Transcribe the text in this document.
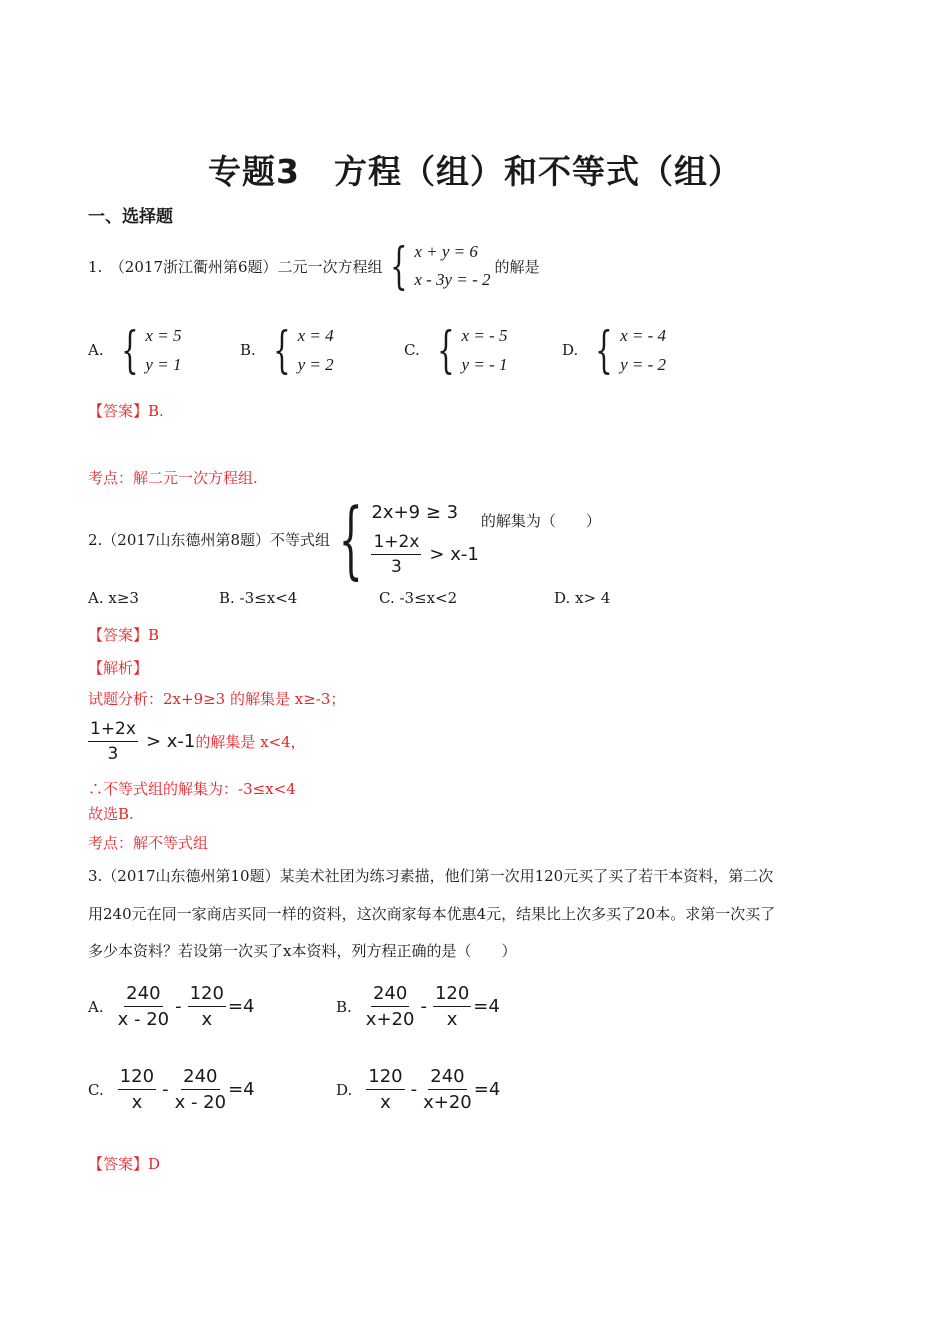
专题3　方程（组）和不等式（组）
一、选择题
1.　（2017浙江衢州第6题）二元一次方程组 { x + y = 6
x - 3y = - 2
的解是
A. { x = 5
y = 1
B. { x = 4
y = 2
C. { x = - 5
y = - 1
D. { x = - 4
y = - 2
【答案】B.
考点：解二元一次方程组.
2.（2017山东德州第8题）不等式组 { 2x+9 ≥ 3
$\frac{1+2x}{3} > x-1$
的解集为（　　）
A. x≥3	B. -3≤x<4	C. -3≤x<2	D. x> 4
【答案】B
【解析】
试题分析：2x+9≥3 的解集是 x≥-3；
$\frac{1+2x}{3} > x-1$ 的解集是 x<4，
∴不等式组的解集为：-3≤x<4
故选B.
考点：解不等式组
3.（2017山东德州第10题）某美术社团为练习素描，他们第一次用120元买了买了若干本资料，第二次
用240元在同一家商店买同一样的资料，这次商家每本优惠4元，结果比上次多买了20本。求第一次买了
多少本资料？若设第一次买了x本资料，列方程正确的是（　　）
A. $\frac{240}{x - 20} - \frac{120}{x} =4$	B. $\frac{240}{x+20} - \frac{120}{x} =4$
C. $\frac{120}{x} - \frac{240}{x - 20} =4$	D. $\frac{120}{x} - \frac{240}{x+20} =4$
【答案】D
